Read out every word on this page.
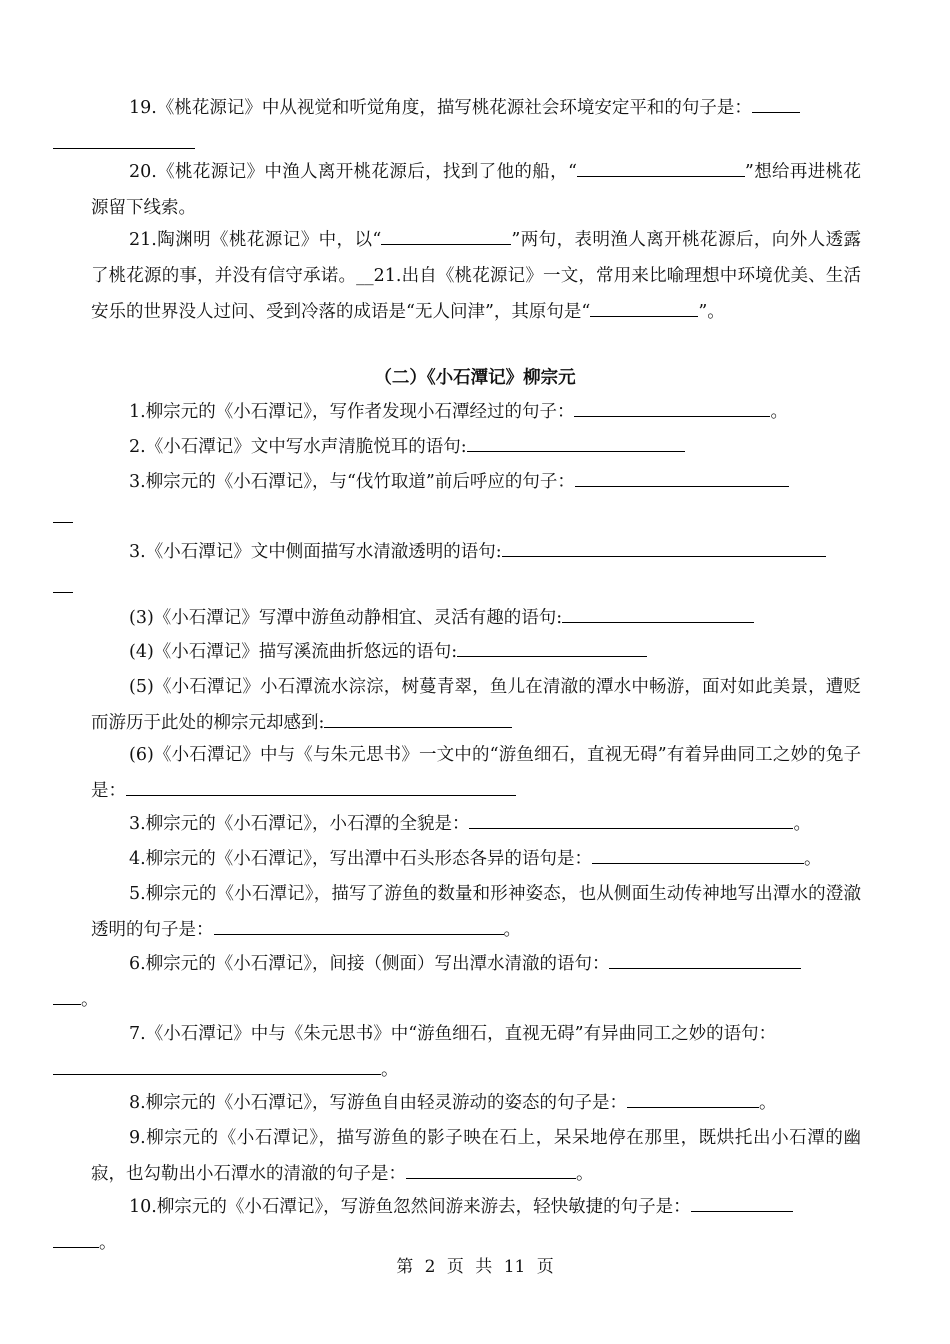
19.《桃花源记》中从视觉和听觉角度，描写桃花源社会环境安定平和的句子是：

20.《桃花源记》中渔人离开桃花源后，找到了他的船，“	”想给再进桃花源留下线索。
21.陶渊明《桃花源记》中，以“	”两句，表明渔人离开桃花源后，向外人透露了桃花源的事，并没有信守承诺。__21.出自《桃花源记》一文，常用来比喻理想中环境优美、生活安乐的世界没人过问、受到冷落的成语是“无人问津”，其原句是“	”。
（二）《小石潭记》柳宗元
1.柳宗元的《小石潭记》，写作者发现小石潭经过的句子：	。
2.《小石潭记》文中写水声清脆悦耳的语句:
3.柳宗元的《小石潭记》，与“伐竹取道”前后呼应的句子：

3.《小石潭记》文中侧面描写水清澈透明的语句:

(3)《小石潭记》写潭中游鱼动静相宜、灵活有趣的语句:
(4)《小石潭记》描写溪流曲折悠远的语句:
(5)《小石潭记》小石潭流水淙淙，树蔓青翠，鱼儿在清澈的潭水中畅游，面对如此美景，遭贬而游历于此处的柳宗元却感到:
(6)《小石潭记》中与《与朱元思书》一文中的“游鱼细石，直视无碍”有着异曲同工之妙的兔子是：
3.柳宗元的《小石潭记》，小石潭的全貌是：	。
4.柳宗元的《小石潭记》，写出潭中石头形态各异的语句是：	。
5.柳宗元的《小石潭记》，描写了游鱼的数量和形神姿态，也从侧面生动传神地写出潭水的澄澈透明的句子是：	。
6.柳宗元的《小石潭记》，间接（侧面）写出潭水清澈的语句：
。
7.《小石潭记》中与《朱元思书》中“游鱼细石，直视无碍”有异曲同工之妙的语句：
。
8.柳宗元的《小石潭记》，写游鱼自由轻灵游动的姿态的句子是：	。
9.柳宗元的《小石潭记》，描写游鱼的影子映在石上，呆呆地停在那里，既烘托出小石潭的幽寂，也勾勒出小石潭水的清澈的句子是：	。
10.柳宗元的《小石潭记》，写游鱼忽然间游来游去，轻快敏捷的句子是：
。
第 2 页 共 11 页
